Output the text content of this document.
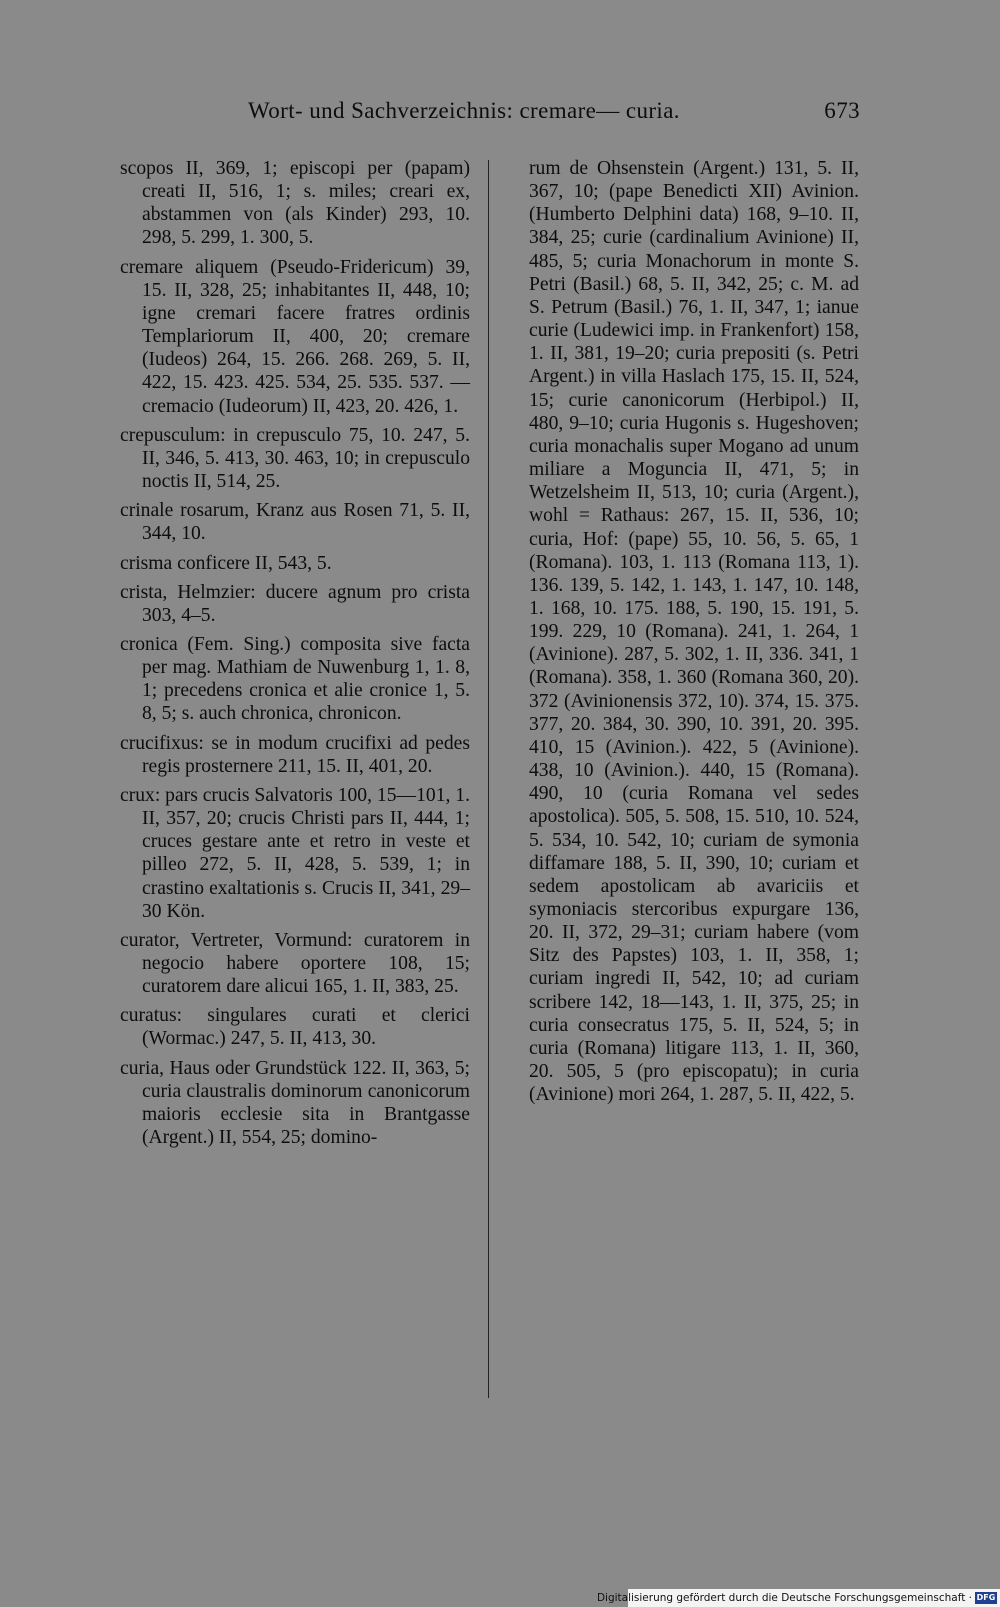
Wort- und Sachverzeichnis: cremare— curia.	673

scopos II, 369, 1; episcopi per (papam) creati II, 516, 1; s. miles; creari ex, abstammen von (als Kinder) 293, 10. 298, 5. 299, 1. 300, 5.

cremare aliquem (Pseudo-Fridericum) 39, 15. II, 328, 25; inhabitantes II, 448, 10; igne cremari facere fratres ordinis Templariorum II, 400, 20; cremare (Iudeos) 264, 15. 266. 268. 269, 5. II, 422, 15. 423. 425. 534, 25. 535. 537. — cremacio (Iudeorum) II, 423, 20. 426, 1.

crepusculum: in crepusculo 75, 10. 247, 5. II, 346, 5. 413, 30. 463, 10; in crepusculo noctis II, 514, 25.

crinale rosarum, Kranz aus Rosen 71, 5. II, 344, 10.

crisma conficere II, 543, 5.

crista, Helmzier: ducere agnum pro crista 303, 4–5.

cronica (Fem. Sing.) composita sive facta per mag. Mathiam de Nuwenburg 1, 1. 8, 1; precedens cronica et alie cronice 1, 5. 8, 5; s. auch chronica, chronicon.

crucifixus: se in modum crucifixi ad pedes regis prosternere 211, 15. II, 401, 20.

crux: pars crucis Salvatoris 100, 15—101, 1. II, 357, 20; crucis Christi pars II, 444, 1; cruces gestare ante et retro in veste et pilleo 272, 5. II, 428, 5. 539, 1; in crastino exaltationis s. Crucis II, 341, 29–30 Kön.

curator, Vertreter, Vormund: curatorem in negocio habere oportere 108, 15; curatorem dare alicui 165, 1. II, 383, 25.

curatus: singulares curati et clerici (Wormac.) 247, 5. II, 413, 30.

curia, Haus oder Grundstück 122. II, 363, 5; curia claustralis dominorum canonicorum maioris ecclesie sita in Brantgasse (Argent.) II, 554, 25; domino-

rum de Ohsenstein (Argent.) 131, 5. II, 367, 10; (pape Benedicti XII) Avinion. (Humberto Delphini data) 168, 9–10. II, 384, 25; curie (cardinalium Avinione) II, 485, 5; curia Monachorum in monte S. Petri (Basil.) 68, 5. II, 342, 25; c. M. ad S. Petrum (Basil.) 76, 1. II, 347, 1; ianue curie (Ludewici imp. in Frankenfort) 158, 1. II, 381, 19–20; curia prepositi (s. Petri Argent.) in villa Haslach 175, 15. II, 524, 15; curie canonicorum (Herbipol.) II, 480, 9–10; curia Hugonis s. Hugeshoven; curia monachalis super Mogano ad unum miliare a Moguncia II, 471, 5; in Wetzelsheim II, 513, 10; curia (Argent.), wohl = Rathaus: 267, 15. II, 536, 10; curia, Hof: (pape) 55, 10. 56, 5. 65, 1 (Romana). 103, 1. 113 (Romana 113, 1). 136. 139, 5. 142, 1. 143, 1. 147, 10. 148, 1. 168, 10. 175. 188, 5. 190, 15. 191, 5. 199. 229, 10 (Romana). 241, 1. 264, 1 (Avinione). 287, 5. 302, 1. II, 336. 341, 1 (Romana). 358, 1. 360 (Romana 360, 20). 372 (Avinionensis 372, 10). 374, 15. 375. 377, 20. 384, 30. 390, 10. 391, 20. 395. 410, 15 (Avinion.). 422, 5 (Avinione). 438, 10 (Avinion.). 440, 15 (Romana). 490, 10 (curia Romana vel sedes apostolica). 505, 5. 508, 15. 510, 10. 524, 5. 534, 10. 542, 10; curiam de symonia diffamare 188, 5. II, 390, 10; curiam et sedem apostolicam ab avariciis et symoniacis stercoribus expurgare 136, 20. II, 372, 29–31; curiam habere (vom Sitz des Papstes) 103, 1. II, 358, 1; curiam ingredi II, 542, 10; ad curiam scribere 142, 18—143, 1. II, 375, 25; in curia consecratus 175, 5. II, 524, 5; in curia (Romana) litigare 113, 1. II, 360, 20. 505, 5 (pro episcopatu); in curia (Avinione) mori 264, 1. 287, 5. II, 422, 5.

Digitalisierung gefördert durch die Deutsche Forschungsgemeinschaft · DFG
